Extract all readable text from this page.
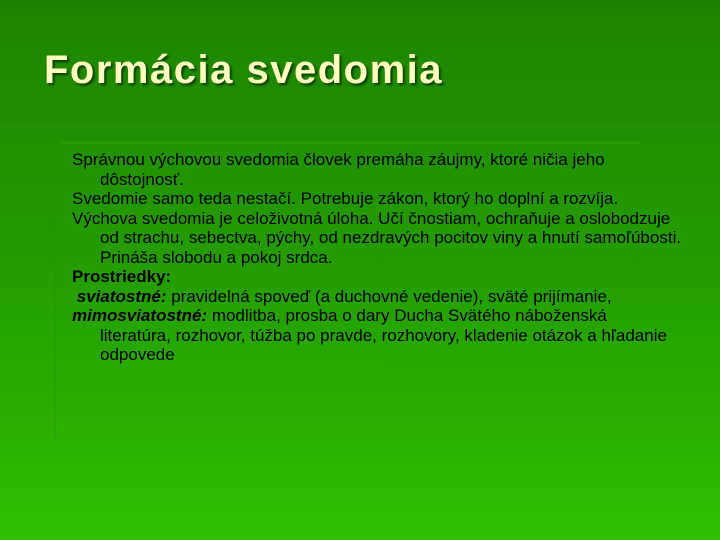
Formácia svedomia

Správnou výchovou svedomia človek premáha záujmy, ktoré ničia jeho dôstojnosť.

Svedomie samo teda nestačí. Potrebuje zákon, ktorý ho doplní a rozvíja.

Výchova svedomia je celoživotná úloha. Učí čnostiam, ochraňuje a oslobodzuje od strachu, sebectva, pýchy, od nezdravých pocitov viny a hnutí samoľúbosti. Prináša slobodu a pokoj srdca.

Prostriedky:

sviatostné: pravidelná spoveď (a duchovné vedenie), sväté prijímanie,

mimosviatostné: modlitba, prosba o dary Ducha Svätého náboženská literatúra, rozhovor, túžba po pravde, rozhovory, kladenie otázok a hľadanie odpovede
